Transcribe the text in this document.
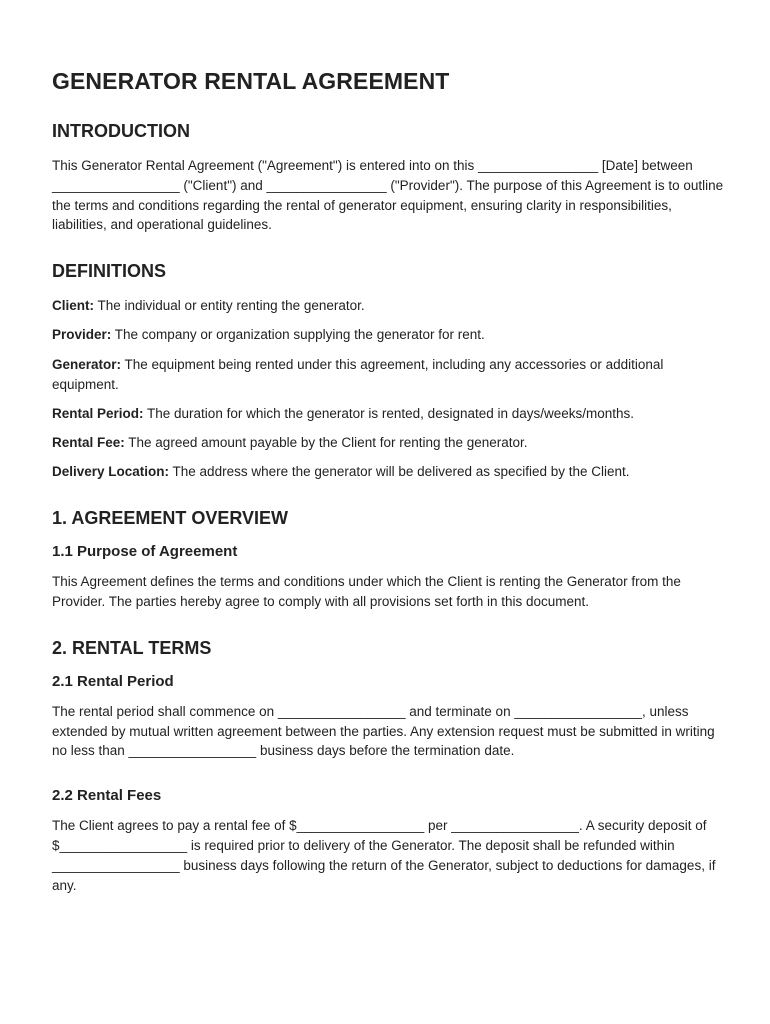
GENERATOR RENTAL AGREEMENT
INTRODUCTION

This Generator Rental Agreement ("Agreement") is entered into on this ________________ [Date] between _________________ ("Client") and ________________ ("Provider"). The purpose of this Agreement is to outline the terms and conditions regarding the rental of generator equipment, ensuring clarity in responsibilities, liabilities, and operational guidelines.

DEFINITIONS

Client: The individual or entity renting the generator.

Provider: The company or organization supplying the generator for rent.

Generator: The equipment being rented under this agreement, including any accessories or additional equipment.

Rental Period: The duration for which the generator is rented, designated in days/weeks/months.

Rental Fee: The agreed amount payable by the Client for renting the generator.

Delivery Location: The address where the generator will be delivered as specified by the Client.

1. AGREEMENT OVERVIEW
1.1 Purpose of Agreement

This Agreement defines the terms and conditions under which the Client is renting the Generator from the Provider. The parties hereby agree to comply with all provisions set forth in this document.

2. RENTAL TERMS
2.1 Rental Period

The rental period shall commence on _________________ and terminate on _________________, unless extended by mutual written agreement between the parties. Any extension request must be submitted in writing no less than _________________ business days before the termination date.

2.2 Rental Fees

The Client agrees to pay a rental fee of $_________________ per _________________. A security deposit of $_________________ is required prior to delivery of the Generator. The deposit shall be refunded within _________________ business days following the return of the Generator, subject to deductions for damages, if any.
